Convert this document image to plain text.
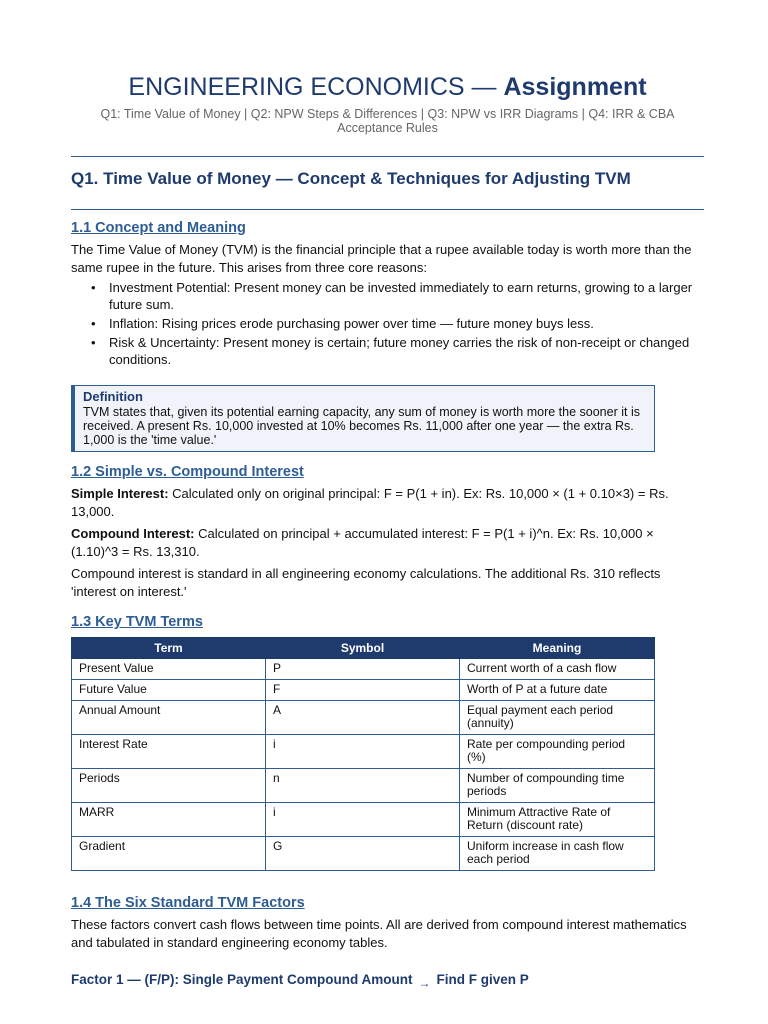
ENGINEERING ECONOMICS — Assignment
Q1: Time Value of Money | Q2: NPW Steps & Differences | Q3: NPW vs IRR Diagrams | Q4: IRR & CBA Acceptance Rules
Q1. Time Value of Money — Concept & Techniques for Adjusting TVM
1.1 Concept and Meaning

The Time Value of Money (TVM) is the financial principle that a rupee available today is worth more than the same rupee in the future. This arises from three core reasons:

• Investment Potential: Present money can be invested immediately to earn returns, growing to a larger future sum.
• Inflation: Rising prices erode purchasing power over time — future money buys less.
• Risk & Uncertainty: Present money is certain; future money carries the risk of non-receipt or changed conditions.
Definition
TVM states that, given its potential earning capacity, any sum of money is worth more the sooner it is received. A present Rs. 10,000 invested at 10% becomes Rs. 11,000 after one year — the extra Rs. 1,000 is the 'time value.'
1.2 Simple vs. Compound Interest

Simple Interest: Calculated only on original principal: F = P(1 + in). Ex: Rs. 10,000 × (1 + 0.10×3) = Rs. 13,000.

Compound Interest: Calculated on principal + accumulated interest: F = P(1 + i)^n. Ex: Rs. 10,000 × (1.10)^3 = Rs. 13,310.

Compound interest is standard in all engineering economy calculations. The additional Rs. 310 reflects 'interest on interest.'

1.3 Key TVM Terms
Term	Symbol	Meaning
Present Value	P	Current worth of a cash flow
Future Value	F	Worth of P at a future date
Annual Amount	A	Equal payment each period (annuity)
Interest Rate	i	Rate per compounding period (%)
Periods	n	Number of compounding time periods
MARR	i	Minimum Attractive Rate of Return (discount rate)
Gradient	G	Uniform increase in cash flow each period
1.4 The Six Standard TVM Factors

These factors convert cash flows between time points. All are derived from compound interest mathematics and tabulated in standard engineering economy tables.

Factor 1 — (F/P): Single Payment Compound Amount → Find F given P
